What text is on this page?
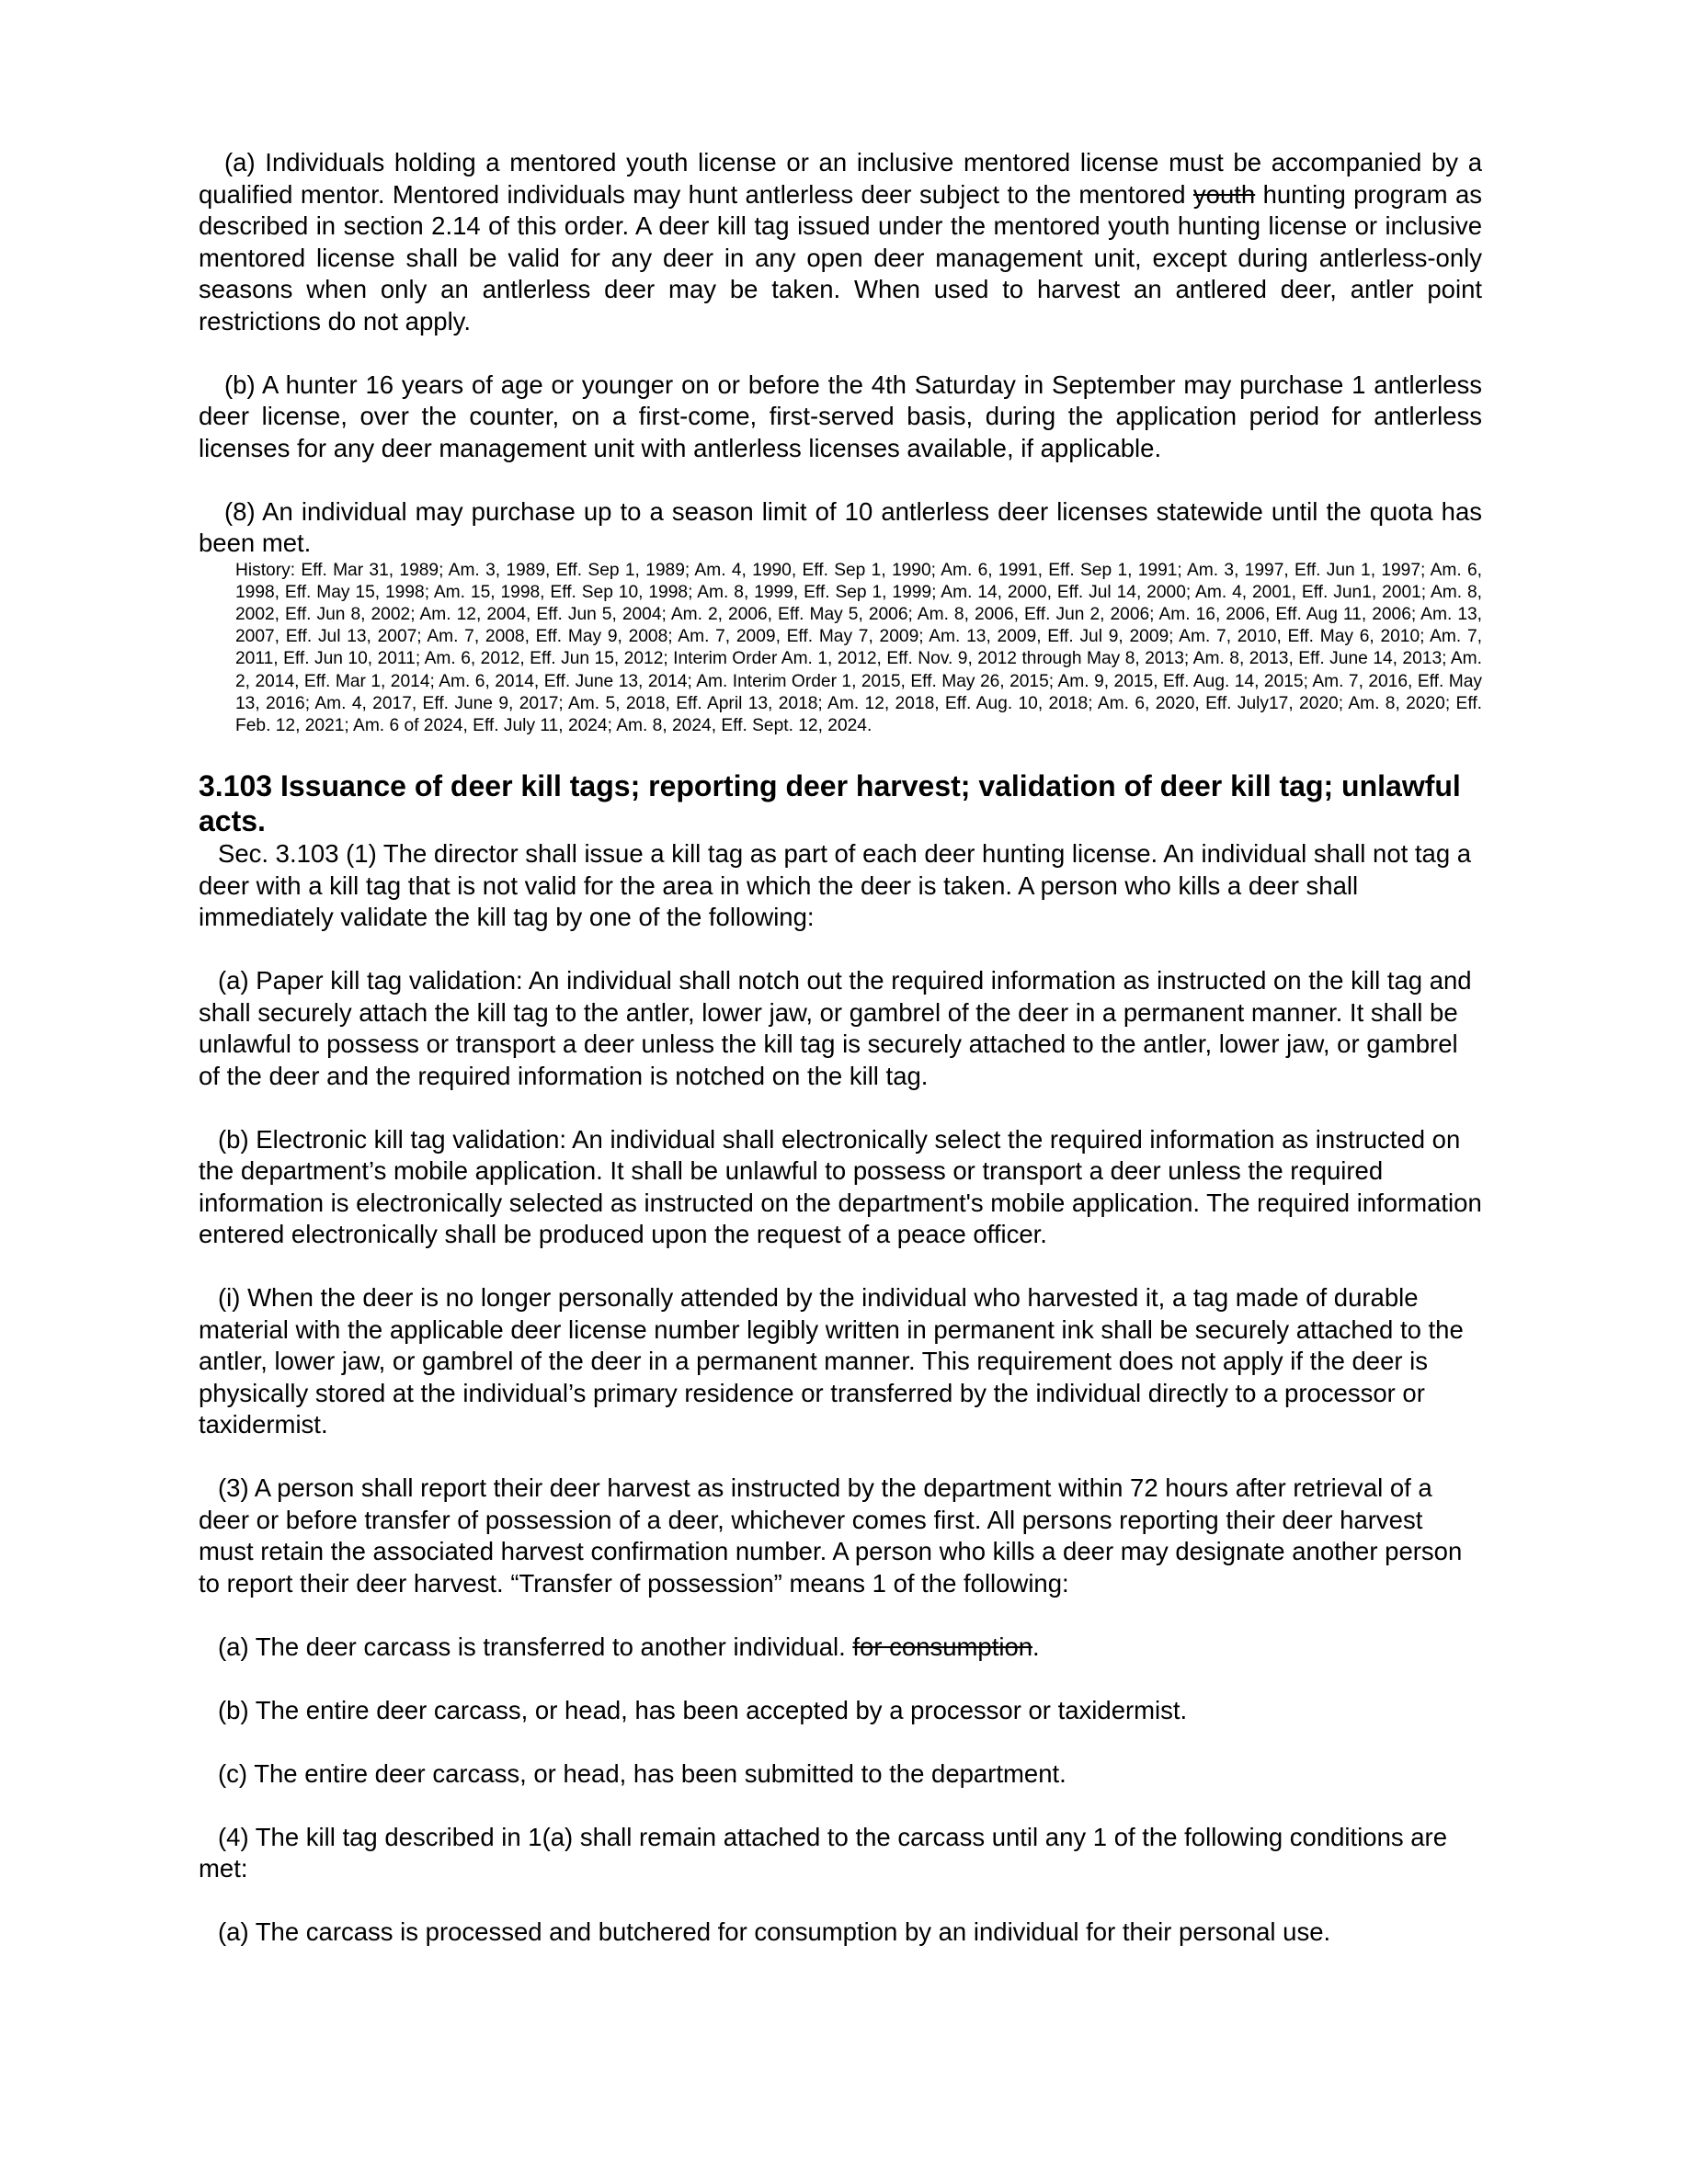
(a) Individuals holding a mentored youth license or an inclusive mentored license must be accompanied by a qualified mentor. Mentored individuals may hunt antlerless deer subject to the mentored youth hunting program as described in section 2.14 of this order. A deer kill tag issued under the mentored youth hunting license or inclusive mentored license shall be valid for any deer in any open deer management unit, except during antlerless-only seasons when only an antlerless deer may be taken. When used to harvest an antlered deer, antler point restrictions do not apply.

(b) A hunter 16 years of age or younger on or before the 4th Saturday in September may purchase 1 antlerless deer license, over the counter, on a first-come, first-served basis, during the application period for antlerless licenses for any deer management unit with antlerless licenses available, if applicable.

(8) An individual may purchase up to a season limit of 10 antlerless deer licenses statewide until the quota has been met.

History: Eff. Mar 31, 1989; Am. 3, 1989, Eff. Sep 1, 1989; Am. 4, 1990, Eff. Sep 1, 1990; Am. 6, 1991, Eff. Sep 1, 1991; Am. 3, 1997, Eff. Jun 1, 1997; Am. 6, 1998, Eff. May 15, 1998; Am. 15, 1998, Eff. Sep 10, 1998; Am. 8, 1999, Eff. Sep 1, 1999; Am. 14, 2000, Eff. Jul 14, 2000; Am. 4, 2001, Eff. Jun1, 2001; Am. 8, 2002, Eff. Jun 8, 2002; Am. 12, 2004, Eff. Jun 5, 2004; Am. 2, 2006, Eff. May 5, 2006; Am. 8, 2006, Eff. Jun 2, 2006; Am. 16, 2006, Eff. Aug 11, 2006; Am. 13, 2007, Eff. Jul 13, 2007; Am. 7, 2008, Eff. May 9, 2008; Am. 7, 2009, Eff. May 7, 2009; Am. 13, 2009, Eff. Jul 9, 2009; Am. 7, 2010, Eff. May 6, 2010; Am. 7, 2011, Eff. Jun 10, 2011; Am. 6, 2012, Eff. Jun 15, 2012; Interim Order Am. 1, 2012, Eff. Nov. 9, 2012 through May 8, 2013; Am. 8, 2013, Eff. June 14, 2013; Am. 2, 2014, Eff. Mar 1, 2014; Am. 6, 2014, Eff. June 13, 2014; Am. Interim Order 1, 2015, Eff. May 26, 2015; Am. 9, 2015, Eff. Aug. 14, 2015; Am. 7, 2016, Eff. May 13, 2016; Am. 4, 2017, Eff. June 9, 2017; Am. 5, 2018, Eff. April 13, 2018; Am. 12, 2018, Eff. Aug. 10, 2018; Am. 6, 2020, Eff. July17, 2020; Am. 8, 2020; Eff. Feb. 12, 2021; Am. 6 of 2024, Eff. July 11, 2024; Am. 8, 2024, Eff. Sept. 12, 2024.

3.103 Issuance of deer kill tags; reporting deer harvest; validation of deer kill tag; unlawful acts.

Sec. 3.103 (1) The director shall issue a kill tag as part of each deer hunting license. An individual shall not tag a deer with a kill tag that is not valid for the area in which the deer is taken. A person who kills a deer shall immediately validate the kill tag by one of the following:

(a) Paper kill tag validation: An individual shall notch out the required information as instructed on the kill tag and shall securely attach the kill tag to the antler, lower jaw, or gambrel of the deer in a permanent manner. It shall be unlawful to possess or transport a deer unless the kill tag is securely attached to the antler, lower jaw, or gambrel of the deer and the required information is notched on the kill tag.

(b) Electronic kill tag validation: An individual shall electronically select the required information as instructed on the department’s mobile application. It shall be unlawful to possess or transport a deer unless the required information is electronically selected as instructed on the department's mobile application. The required information entered electronically shall be produced upon the request of a peace officer.

(i) When the deer is no longer personally attended by the individual who harvested it, a tag made of durable material with the applicable deer license number legibly written in permanent ink shall be securely attached to the antler, lower jaw, or gambrel of the deer in a permanent manner. This requirement does not apply if the deer is physically stored at the individual’s primary residence or transferred by the individual directly to a processor or taxidermist.

(3) A person shall report their deer harvest as instructed by the department within 72 hours after retrieval of a deer or before transfer of possession of a deer, whichever comes first. All persons reporting their deer harvest must retain the associated harvest confirmation number. A person who kills a deer may designate another person to report their deer harvest. “Transfer of possession” means 1 of the following:

(a) The deer carcass is transferred to another individual. for consumption.

(b) The entire deer carcass, or head, has been accepted by a processor or taxidermist.

(c) The entire deer carcass, or head, has been submitted to the department.

(4) The kill tag described in 1(a) shall remain attached to the carcass until any 1 of the following conditions are met:

(a) The carcass is processed and butchered for consumption by an individual for their personal use.
